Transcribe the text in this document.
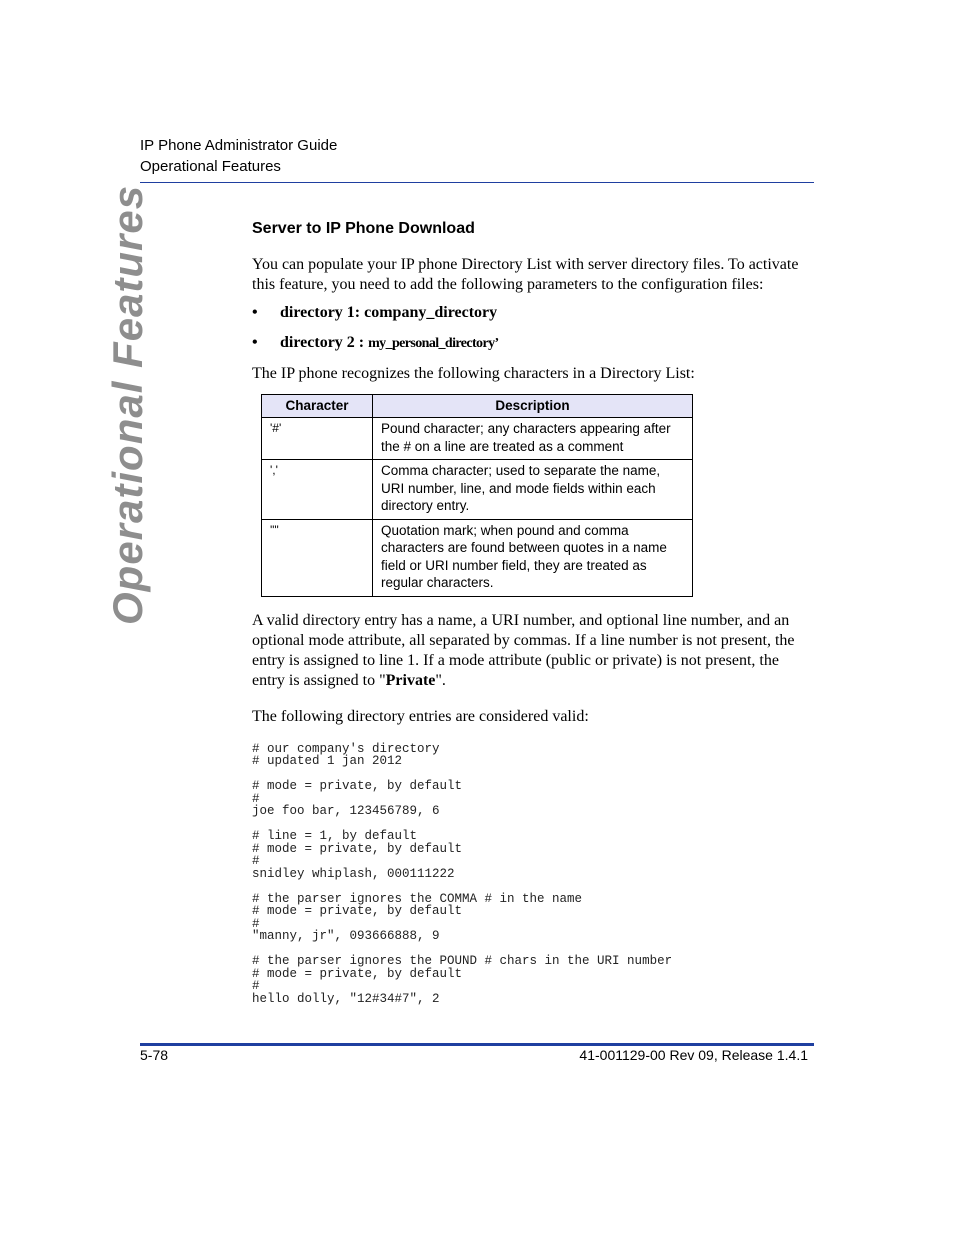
IP Phone Administrator Guide
Operational Features
Operational Features	Server to IP Phone Download

You can populate your IP phone Directory List with server directory files. To activate this feature, you need to add the following parameters to the configuration files:

• directory 1: company_directory
• directory 2 : my_personal_directory’

The IP phone recognizes the following characters in a Directory List:

Character	Description
'#'	Pound character; any characters appearing after the # on a line are treated as a comment
','	Comma character; used to separate the name, URI number, line, and mode fields within each directory entry.
'"'	Quotation mark; when pound and comma characters are found between quotes in a name field or URI number field, they are treated as regular characters.

A valid directory entry has a name, a URI number, and optional line number, and an optional mode attribute, all separated by commas. If a line number is not present, the entry is assigned to line 1. If a mode attribute (public or private) is not present, the entry is assigned to "Private".

The following directory entries are considered valid:

# our company's directory
# updated 1 jan 2012

# mode = private, by default
#
joe foo bar, 123456789, 6

# line = 1, by default
# mode = private, by default
#
snidley whiplash, 000111222

# the parser ignores the COMMA # in the name
# mode = private, by default
#
"manny, jr", 093666888, 9

# the parser ignores the POUND # chars in the URI number
# mode = private, by default
#
hello dolly, "12#34#7", 2
5-78	41-001129-00 Rev 09, Release 1.4.1
